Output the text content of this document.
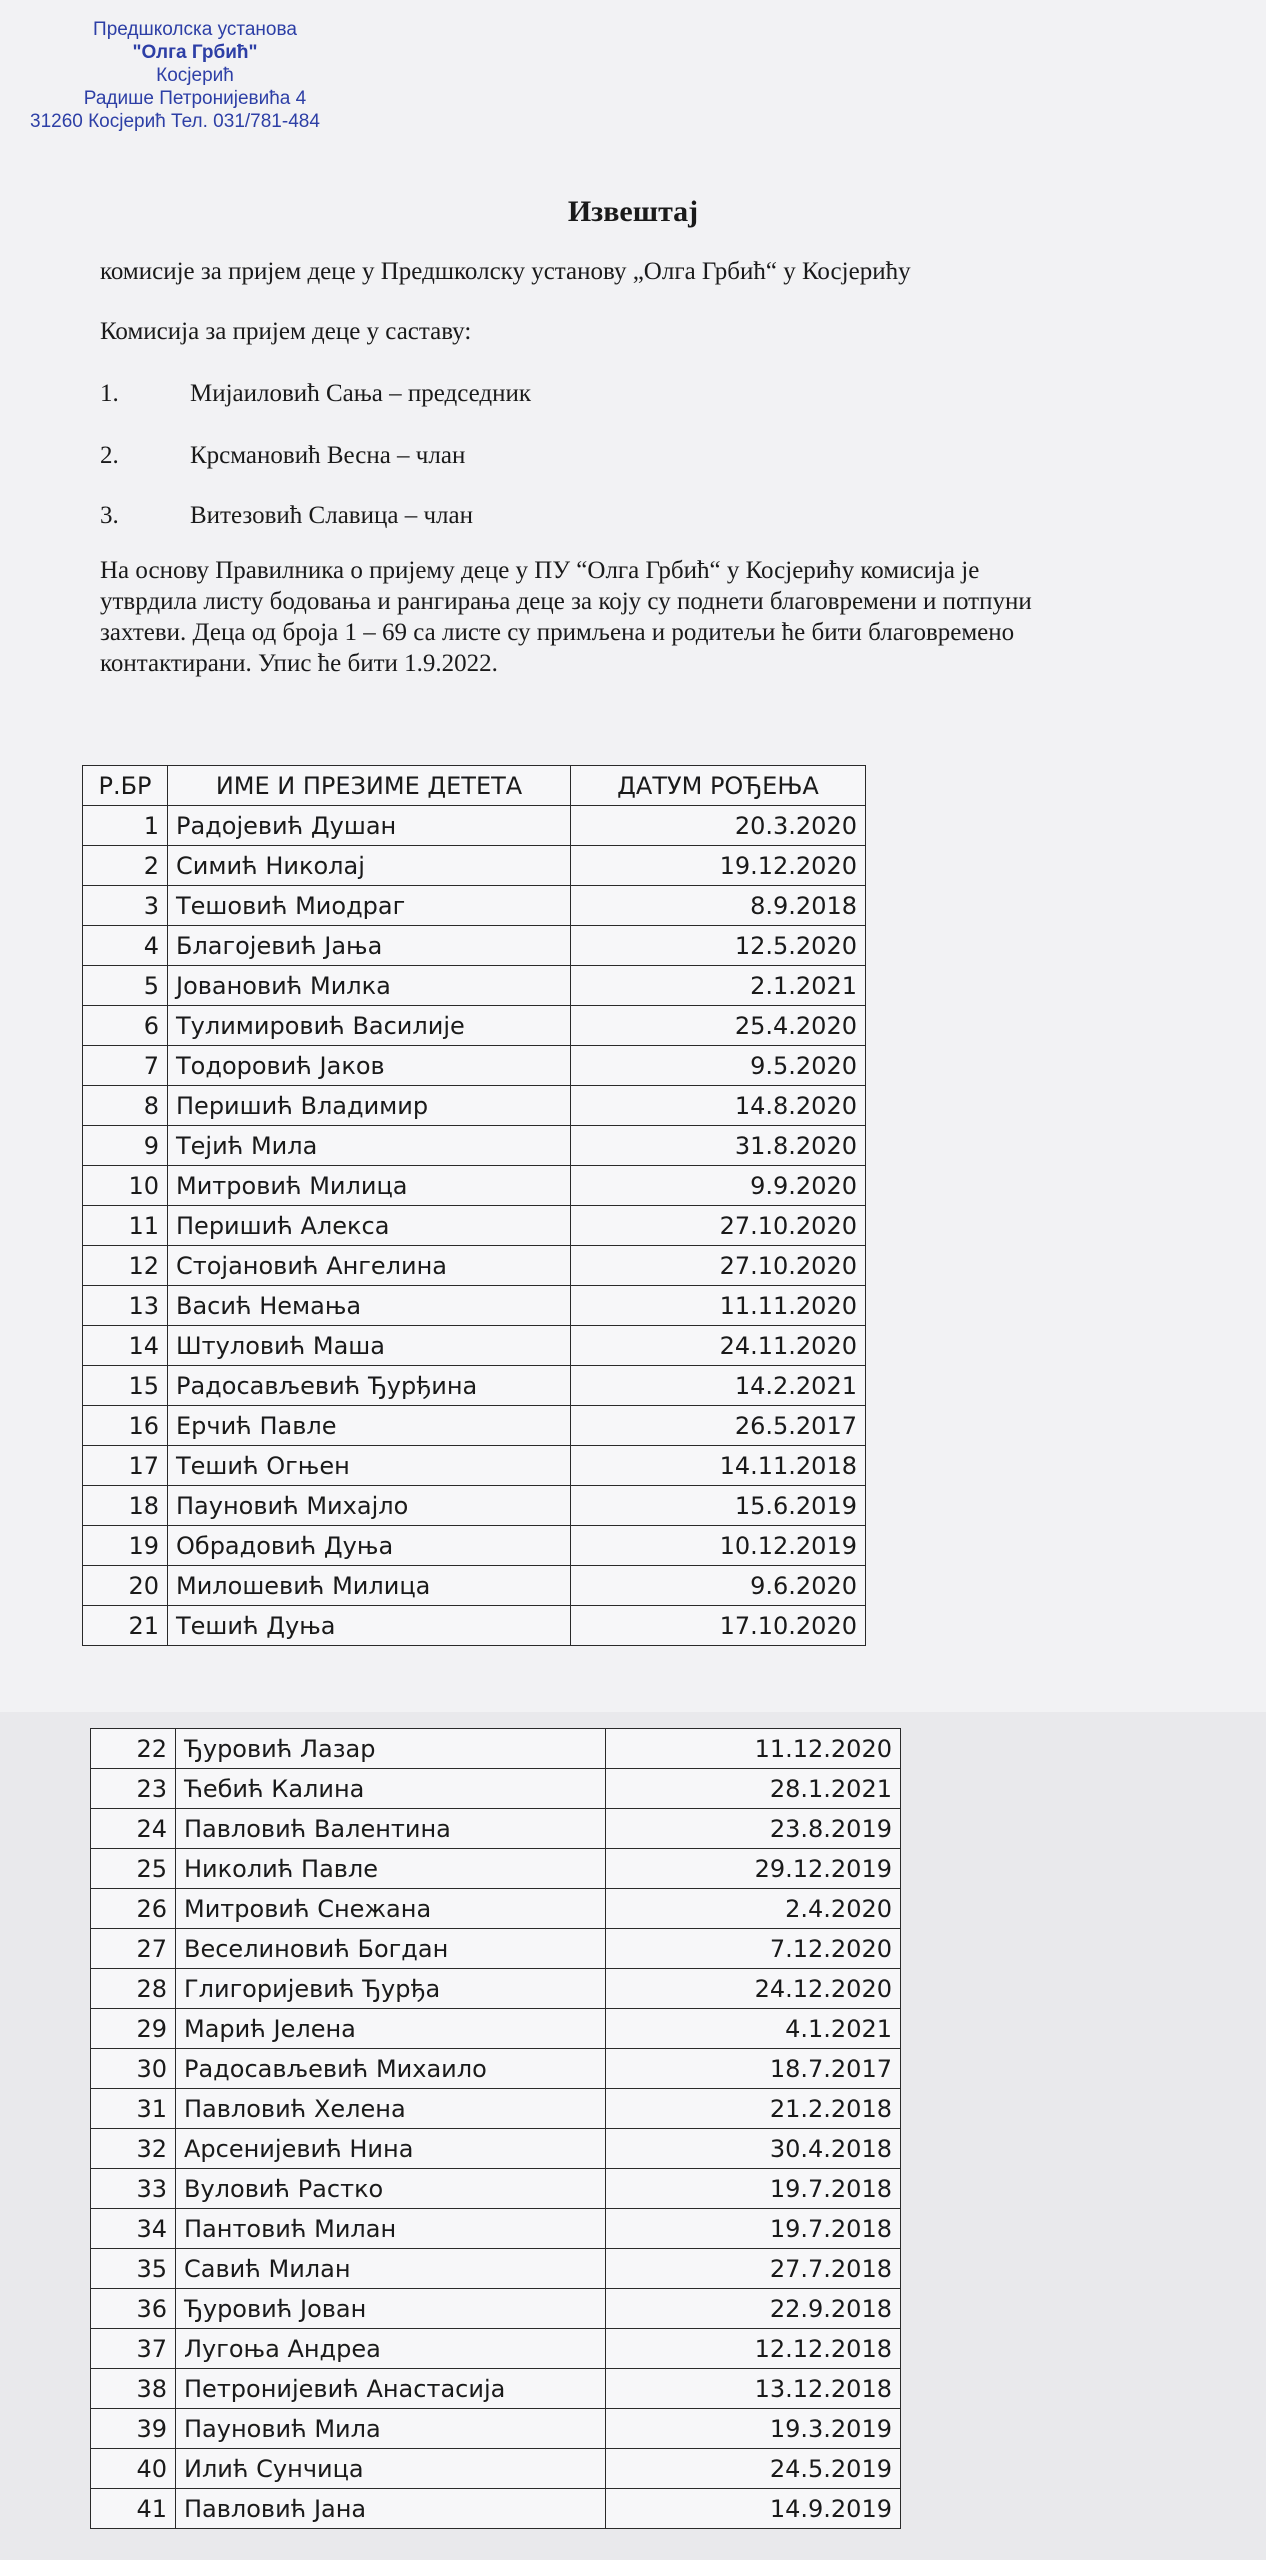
Предшколска установа
"Олга Грбић"
Косјерић
Радише Петронијевића 4
31260 Косјерић Тел. 031/781-484
Извештај
комисије за пријем деце у Предшколску установу „Олга Грбић“ у Косјерићу
Комисија за пријем деце у саставу:
1.	Мијаиловић Сања – председник
2.	Крсмановић Весна – члан
3.	Витезовић Славица – члан
На основу Правилника о пријему деце у ПУ “Олга Грбић“ у Косјерићу комисија је
утврдила листу бодовања и рангирања деце за коју су поднети благовремени и потпуни
захтеви. Деца од броја 1 – 69 са листе су примљена и родитељи ће бити благовремено
контактирани. Упис ће бити 1.9.2022.
Р.БР	ИМЕ И ПРЕЗИМЕ ДЕТЕТА	ДАТУМ РОЂЕЊА
1	Радојевић Душан	20.3.2020
2	Симић Николај	19.12.2020
3	Тешовић Миодраг	8.9.2018
4	Благојевић Јања	12.5.2020
5	Јовановић Милка	2.1.2021
6	Тулимировић Василије	25.4.2020
7	Тодоровић Јаков	9.5.2020
8	Перишић Владимир	14.8.2020
9	Тејић Мила	31.8.2020
10	Митровић Милица	9.9.2020
11	Перишић Алекса	27.10.2020
12	Стојановић Ангелина	27.10.2020
13	Васић Немања	11.11.2020
14	Штуловић Маша	24.11.2020
15	Радосављевић Ђурђина	14.2.2021
16	Ерчић Павле	26.5.2017
17	Тешић Огњен	14.11.2018
18	Пауновић Михајло	15.6.2019
19	Обрадовић Дуња	10.12.2019
20	Милошевић Милица	9.6.2020
21	Тешић Дуња	17.10.2020
22	Ђуровић Лазар	11.12.2020
23	Ћебић Калина	28.1.2021
24	Павловић Валентина	23.8.2019
25	Николић Павле	29.12.2019
26	Митровић Снежана	2.4.2020
27	Веселиновић Богдан	7.12.2020
28	Глигоријевић Ђурђа	24.12.2020
29	Марић Јелена	4.1.2021
30	Радосављевић Михаило	18.7.2017
31	Павловић Хелена	21.2.2018
32	Арсенијевић Нина	30.4.2018
33	Вуловић Растко	19.7.2018
34	Пантовић Милан	19.7.2018
35	Савић Милан	27.7.2018
36	Ђуровић Јован	22.9.2018
37	Лугоња Андреа	12.12.2018
38	Петронијевић Анастасија	13.12.2018
39	Пауновић Мила	19.3.2019
40	Илић Сунчица	24.5.2019
41	Павловић Јана	14.9.2019
